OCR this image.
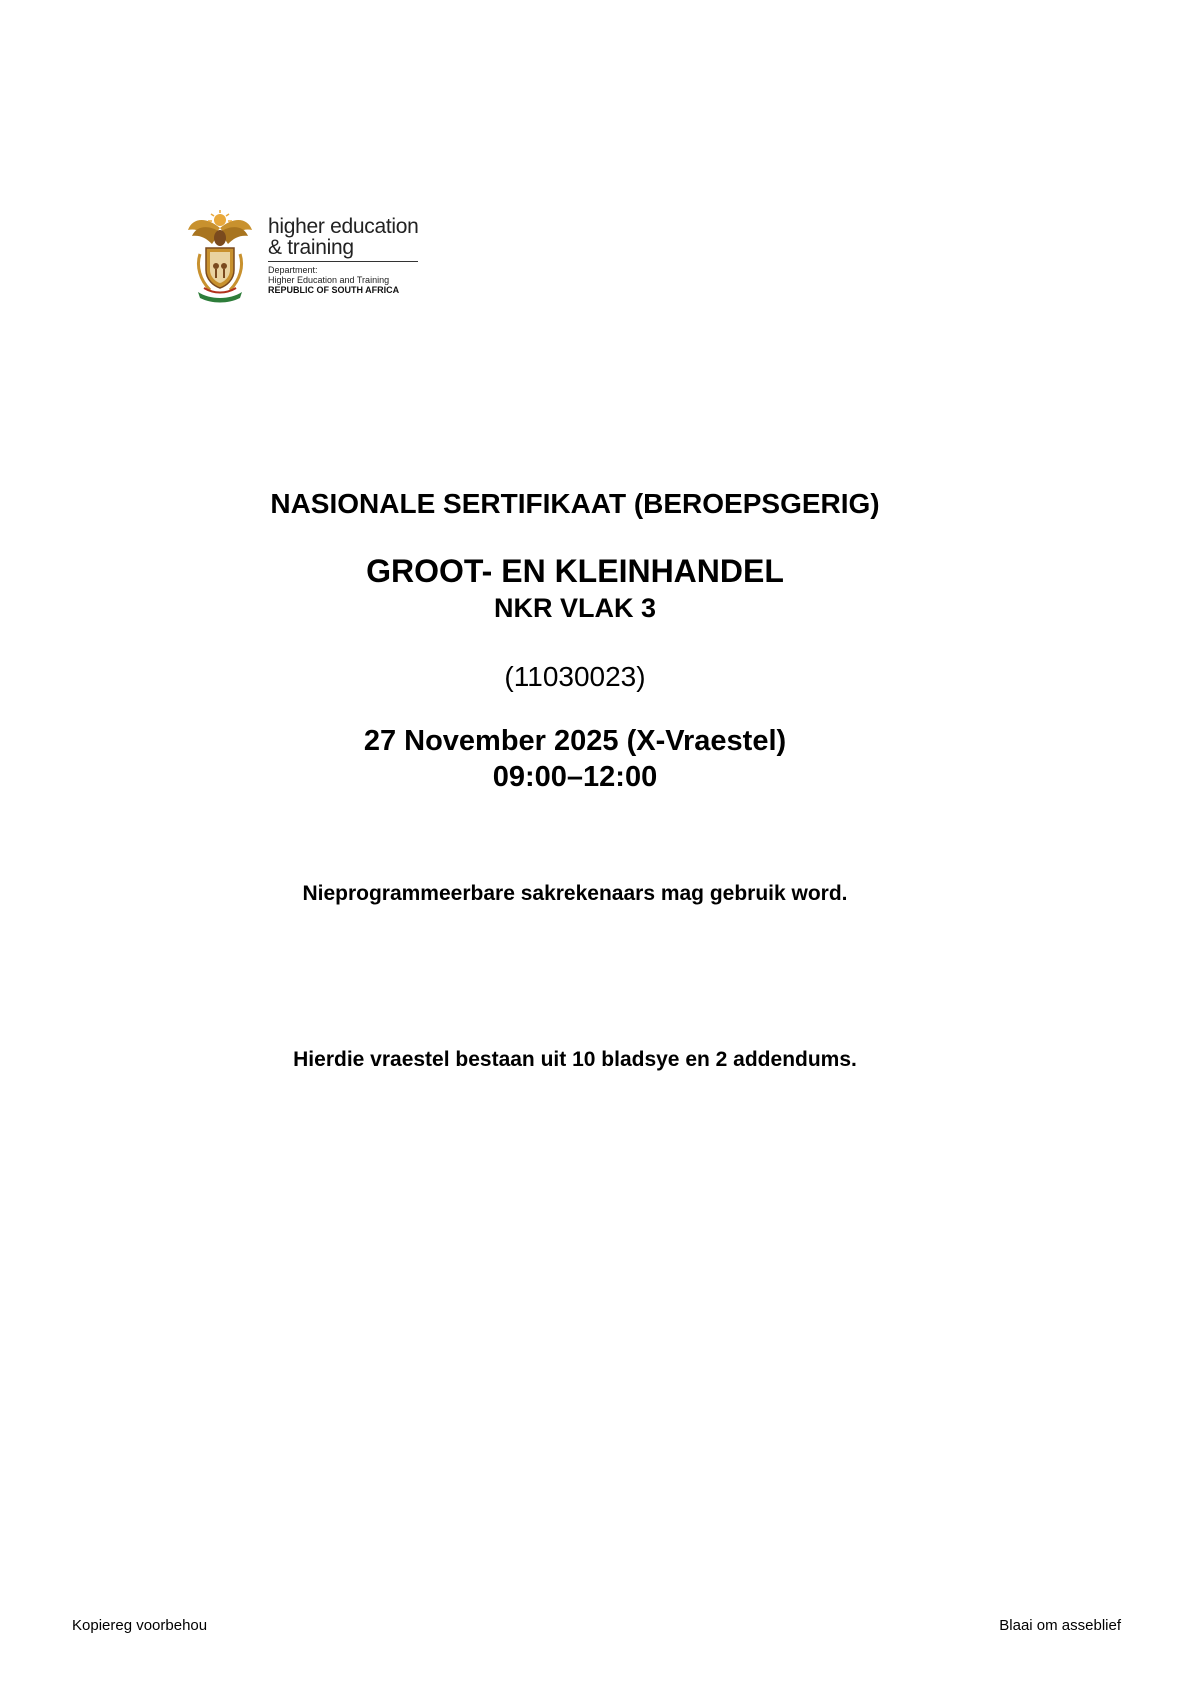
higher education
& training
Department:
Higher Education and Training
REPUBLIC OF SOUTH AFRICA
NASIONALE SERTIFIKAAT (BEROEPSGERIG)
GROOT- EN KLEINHANDEL
NKR VLAK 3
(11030023)
27 November 2025 (X-Vraestel)
09:00–12:00
Nieprogrammeerbare sakrekenaars mag gebruik word.
Hierdie vraestel bestaan uit 10 bladsye en 2 addendums.
Kopiereg voorbehou	Blaai om asseblief
